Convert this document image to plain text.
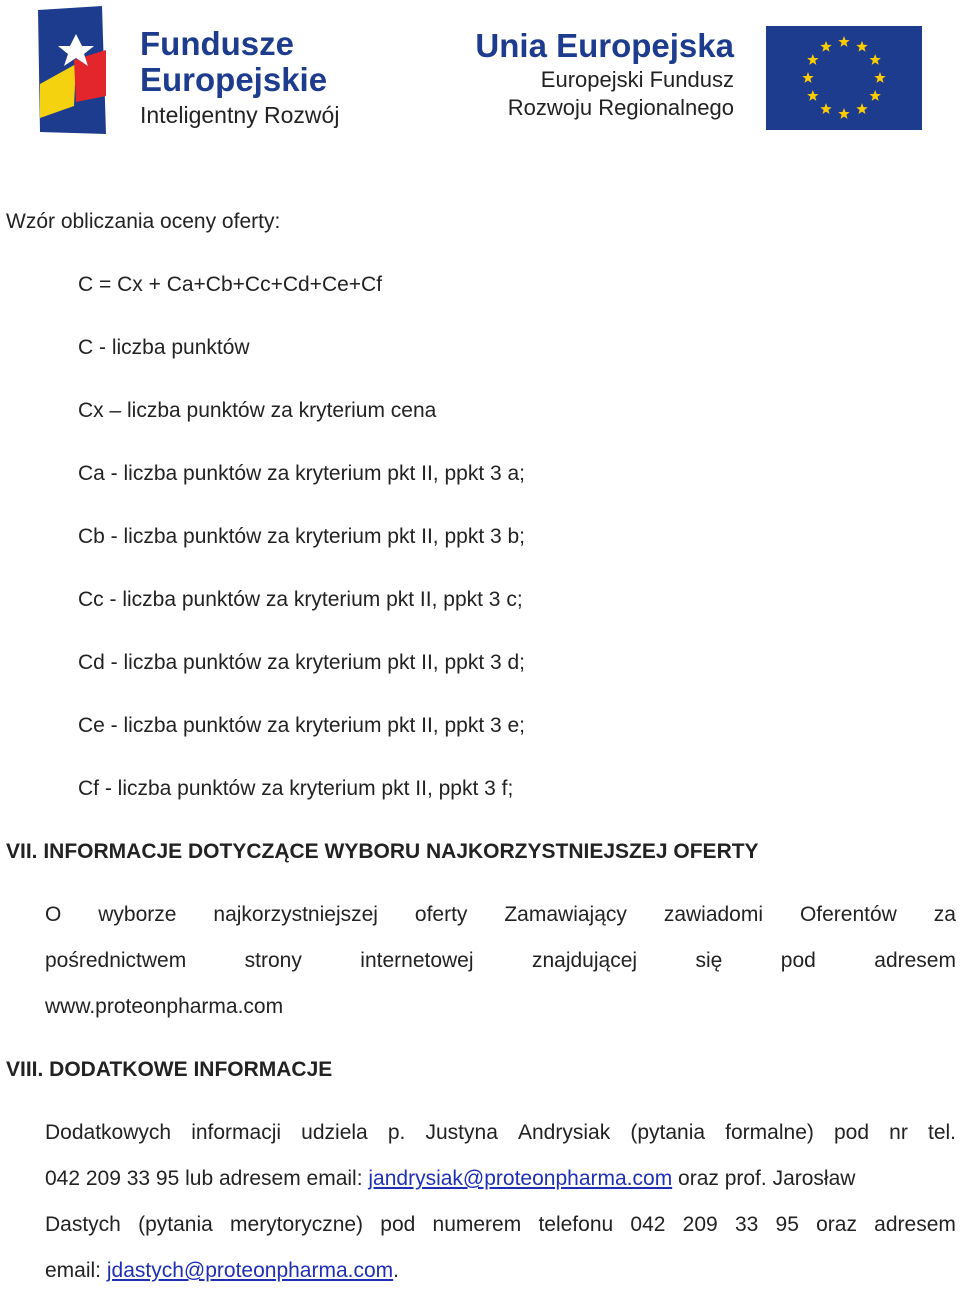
Fundusze
Europejskie
Inteligentny Rozwój
Unia Europejska
Europejski Fundusz
Rozwoju Regionalnego
Wzór obliczania oceny oferty:
C = Cx + Ca+Cb+Cc+Cd+Ce+Cf
C - liczba punktów
Cx – liczba punktów za kryterium cena
Ca - liczba punktów za kryterium pkt II, ppkt 3 a;
Cb - liczba punktów za kryterium pkt II, ppkt 3 b;
Cc - liczba punktów za kryterium pkt II, ppkt 3 c;
Cd - liczba punktów za kryterium pkt II, ppkt 3 d;
Ce - liczba punktów za kryterium pkt II, ppkt 3 e;
Cf - liczba punktów za kryterium pkt II, ppkt 3 f;
VII. INFORMACJE DOTYCZĄCE WYBORU NAJKORZYSTNIEJSZEJ OFERTY
O wyborze najkorzystniejszej oferty Zamawiający zawiadomi Oferentów za
pośrednictwem	strony	internetowej	znajdującej	się	pod	adresem
www.proteonpharma.com
VIII. DODATKOWE INFORMACJE
Dodatkowych informacji udziela p. Justyna Andrysiak (pytania formalne) pod nr tel.
042 209 33 95 lub adresem email: jandrysiak@proteonpharma.com oraz prof. Jarosław
Dastych (pytania merytoryczne) pod numerem telefonu 042 209 33 95 oraz adresem
email: jdastych@proteonpharma.com.
